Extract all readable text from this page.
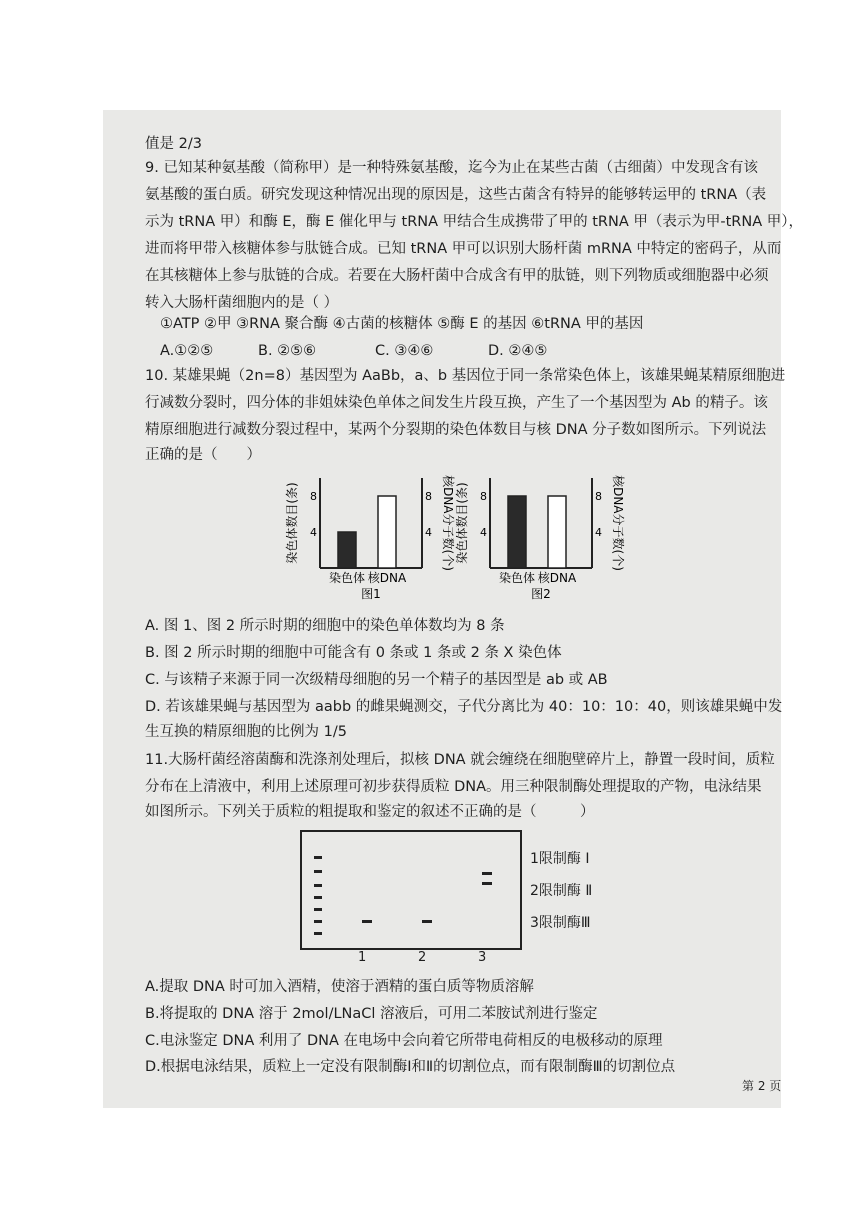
值是 2/3
9. 已知某种氨基酸（简称甲）是一种特殊氨基酸，迄今为止在某些古菌（古细菌）中发现含有该
氨基酸的蛋白质。研究发现这种情况出现的原因是，这些古菌含有特异的能够转运甲的 tRNA（表
示为 tRNA 甲）和酶 E，酶 E 催化甲与 tRNA 甲结合生成携带了甲的 tRNA 甲（表示为甲-tRNA 甲），
进而将甲带入核糖体参与肽链合成。已知 tRNA 甲可以识别大肠杆菌 mRNA 中特定的密码子，从而
在其核糖体上参与肽链的合成。若要在大肠杆菌中合成含有甲的肽链，则下列物质或细胞器中必须
转入大肠杆菌细胞内的是（ ）
①ATP ②甲 ③RNA 聚合酶 ④古菌的核糖体 ⑤酶 E 的基因 ⑥tRNA 甲的基因
A.①②⑤	B. ②⑤⑥	C. ③④⑥	D. ②④⑤
10. 某雄果蝇（2n=8）基因型为 AaBb，a、b 基因位于同一条常染色体上，该雄果蝇某精原细胞进
行减数分裂时，四分体的非姐妹染色单体之间发生片段互换，产生了一个基因型为 Ab 的精子。该
精原细胞进行减数分裂过程中，某两个分裂期的染色体数目与核 DNA 分子数如图所示。下列说法
正确的是（　　）
染色体数目(条)	核DNA分子数(个)
4	4
8	8
染色体 核DNA
图1
染色体数目(条)	核DNA分子数(个)
4	4
8	8
染色体 核DNA
图2
A. 图 1、图 2 所示时期的细胞中的染色单体数均为 8 条
B. 图 2 所示时期的细胞中可能含有 0 条或 1 条或 2 条 X 染色体
C. 与该精子来源于同一次级精母细胞的另一个精子的基因型是 ab 或 AB
D. 若该雄果蝇与基因型为 aabb 的雌果蝇测交，子代分离比为 40：10：10：40，则该雄果蝇中发
生互换的精原细胞的比例为 1/5
11.大肠杆菌经溶菌酶和洗涤剂处理后，拟核 DNA 就会缠绕在细胞壁碎片上，静置一段时间，质粒
分布在上清液中，利用上述原理可初步获得质粒 DNA。用三种限制酶处理提取的产物，电泳结果
如图所示。下列关于质粒的粗提取和鉴定的叙述不正确的是（　　　）
1	2	3
1限制酶 Ⅰ
2限制酶 Ⅱ
3限制酶Ⅲ
A.提取 DNA 时可加入酒精，使溶于酒精的蛋白质等物质溶解
B.将提取的 DNA 溶于 2mol/LNaCl 溶液后，可用二苯胺试剂进行鉴定
C.电泳鉴定 DNA 利用了 DNA 在电场中会向着它所带电荷相反的电极移动的原理
D.根据电泳结果，质粒上一定没有限制酶Ⅰ和Ⅱ的切割位点，而有限制酶Ⅲ的切割位点
第 2 页
